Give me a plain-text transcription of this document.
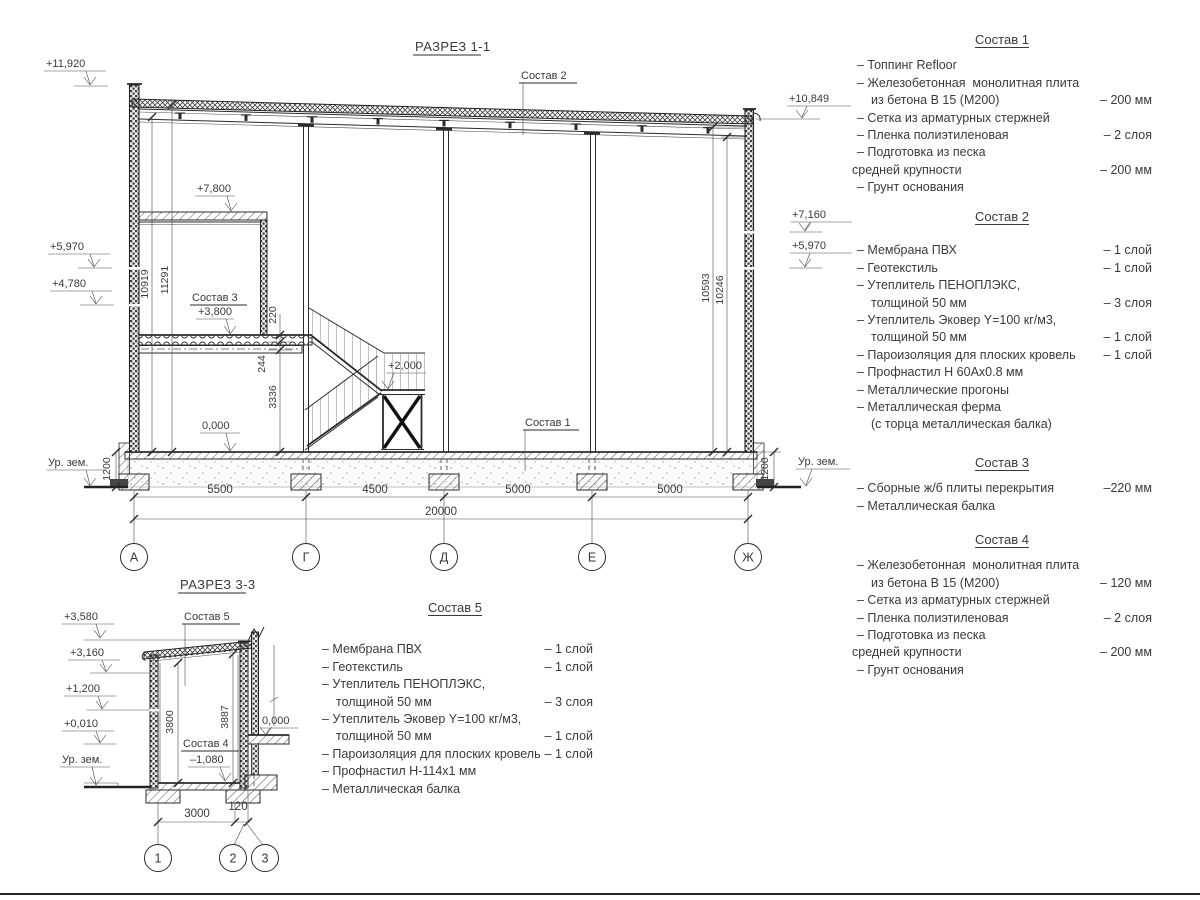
РАЗРЕЗ 1-1
10919 11291	10593 10246
220
244
3336
1200	1200
Состав 2
Состав 1
Состав 3
+11,920
+5,970
+4,780
Ур. зем.
+10,849
+7,160
+5,970
Ур. зем.
+7,800
+3,800
+2,000
0,000
5500	4500	5000	5000
20000
А	Г	Д	Е	Ж
РАЗРЕЗ 3-3
Состав 5
Состав 4
–1,080
+3,580
+3,160
+1,200
+0,010
Ур. зем.
0,000
3800	3887
3000
120
1	2 3
Состав 1
– Топпинг Refloor
– Железобетонная  монолитная плита
из бетона В 15 (М200)	– 200 мм
– Сетка из арматурных стержней
– Пленка полиэтиленовая	– 2 слоя
– Подготовка из песка
средней крупности	– 200 мм
– Грунт основания
Состав 2
– Мембрана ПВХ	– 1 слой
– Геотекстиль	– 1 слой
– Утеплитель ПЕНОПЛЭКС,
толщиной 50 мм	– 3 слоя
– Утеплитель Эковер Y=100 кг/м3,
толщиной 50 мм	– 1 слой
– Пароизоляция для плоских кровель – 1 слой
– Профнастил Н 60Ах0.8 мм
– Металлические прогоны
– Металлическая ферма
(с торца металлическая балка)
Состав 3
– Сборные ж/б плиты перекрытия	–220 мм
– Металлическая балка
Состав 4
– Железобетонная  монолитная плита
из бетона В 15 (М200)	– 120 мм
– Сетка из арматурных стержней
– Пленка полиэтиленовая	– 2 слоя
– Подготовка из песка
средней крупности	– 200 мм
– Грунт основания
Состав 5
– Мембрана ПВХ	– 1 слой
– Геотекстиль	– 1 слой
– Утеплитель ПЕНОПЛЭКС,
толщиной 50 мм	– 3 слоя
– Утеплитель Эковер Y=100 кг/м3,
толщиной 50 мм	– 1 слой
– Пароизоляция для плоских кровель – 1 слой
– Профнастил Н-114х1 мм
– Металлическая балка
